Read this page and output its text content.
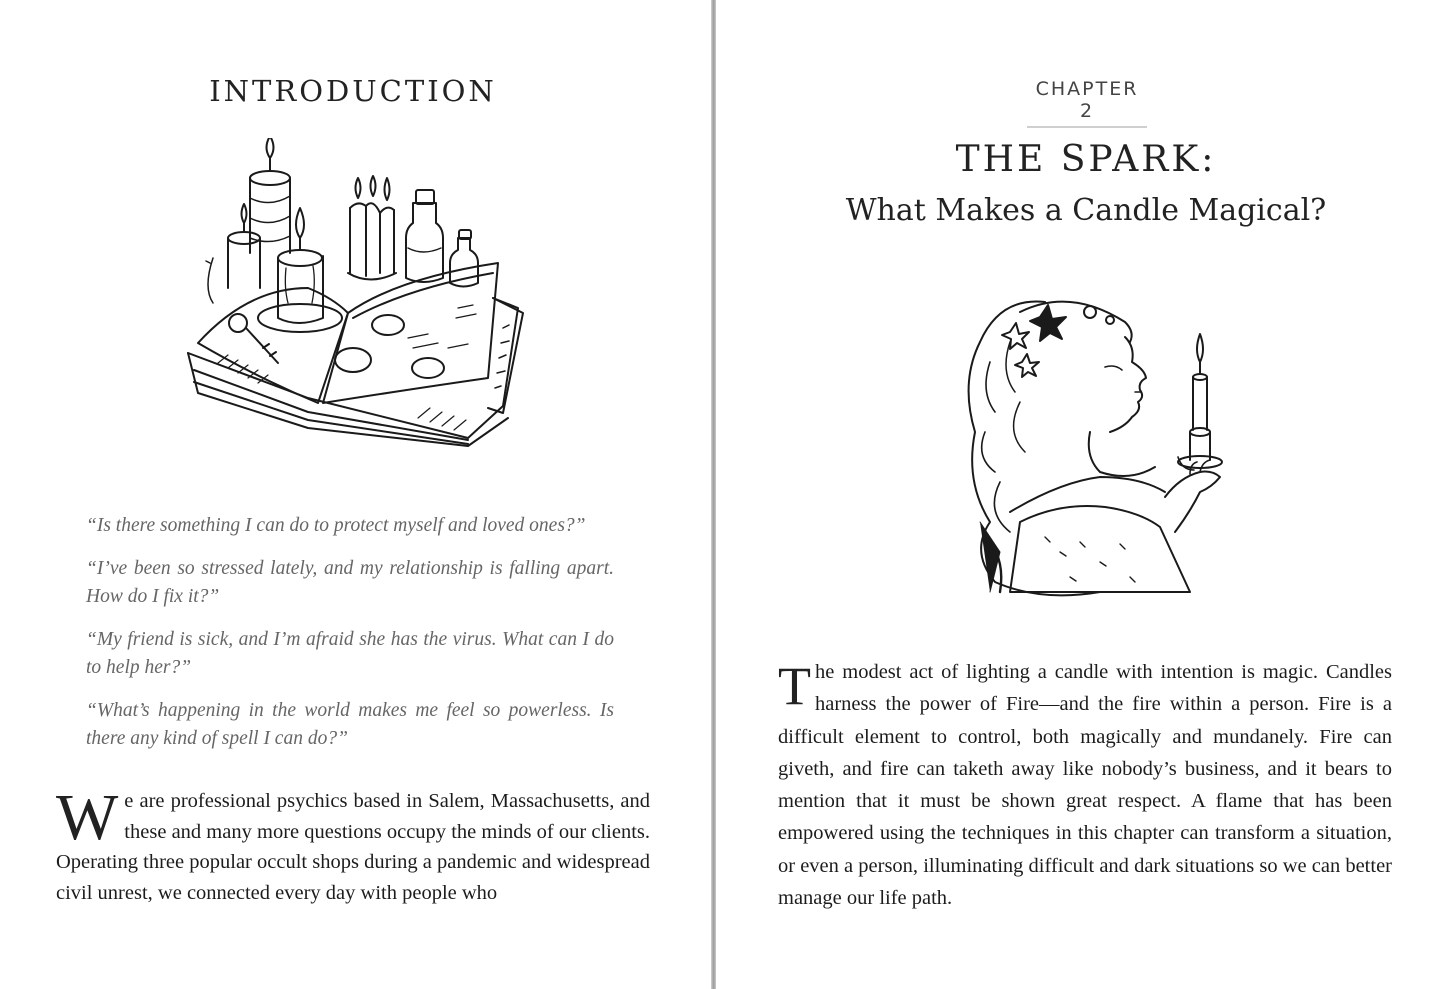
INTRODUCTION

“Is there something I can do to protect myself and loved ones?”

“I’ve been so stressed lately, and my relationship is falling apart. How do I fix it?”

“My friend is sick, and I’m afraid she has the virus. What can I do to help her?”

“What’s happening in the world makes me feel so powerless. Is there any kind of spell I can do?”

We are professional psychics based in Salem, Massachusetts, and these and many more questions occupy the minds of our clients. Operating three popular occult shops during a pandemic and widespread civil unrest, we connected every day with people who

CHAPTER 2
THE SPARK:
What Makes a Candle Magical?

The modest act of lighting a candle with intention is magic. Candles harness the power of Fire—and the fire within a person. Fire is a difficult element to control, both magically and mundanely. Fire can giveth, and fire can taketh away like nobody’s business, and it bears to mention that it must be shown great respect. A flame that has been empowered using the techniques in this chapter can transform a situation, or even a person, illuminating difficult and dark situations so we can better manage our life path.
